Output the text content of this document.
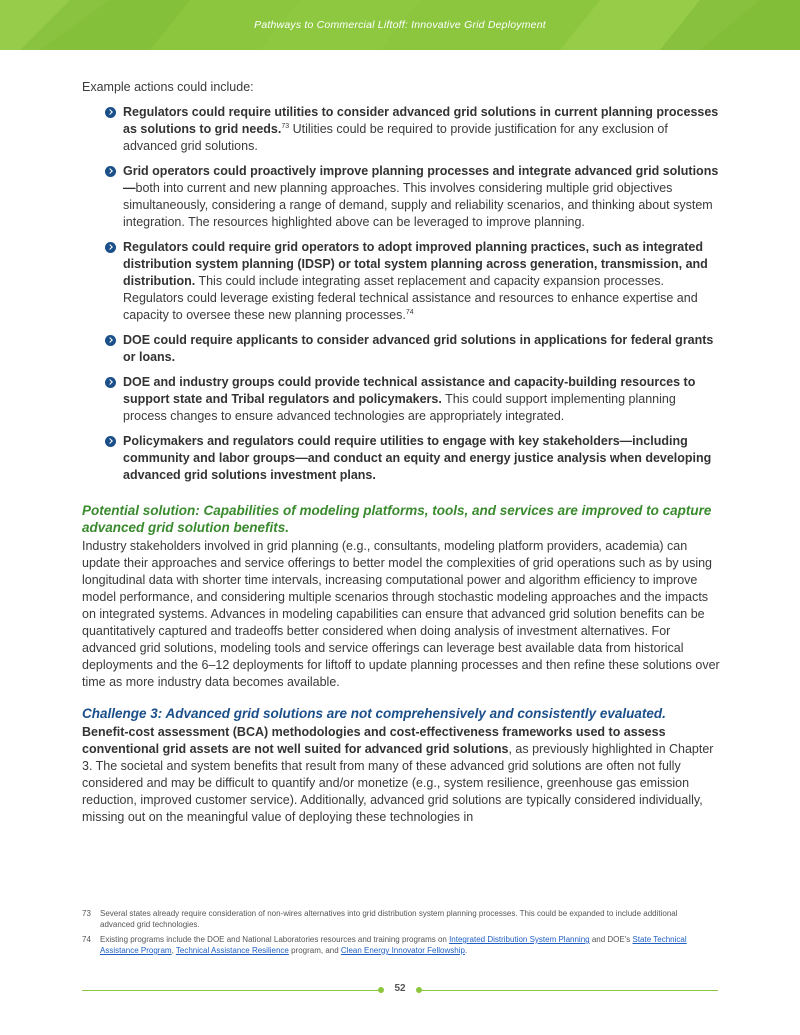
Pathways to Commercial Liftoff: Innovative Grid Deployment

Example actions could include:

Regulators could require utilities to consider advanced grid solutions in current planning processes as solutions to grid needs.$^{73}$ Utilities could be required to provide justification for any exclusion of advanced grid solutions.
Grid operators could proactively improve planning processes and integrate advanced grid solutions—both into current and new planning approaches. This involves considering multiple grid objectives simultaneously, considering a range of demand, supply and reliability scenarios, and thinking about system integration. The resources highlighted above can be leveraged to improve planning.
Regulators could require grid operators to adopt improved planning practices, such as integrated distribution system planning (IDSP) or total system planning across generation, transmission, and distribution. This could include integrating asset replacement and capacity expansion processes. Regulators could leverage existing federal technical assistance and resources to enhance expertise and capacity to oversee these new planning processes.$^{74}$
DOE could require applicants to consider advanced grid solutions in applications for federal grants or loans.
DOE and industry groups could provide technical assistance and capacity-building resources to support state and Tribal regulators and policymakers. This could support implementing planning process changes to ensure advanced technologies are appropriately integrated.
Policymakers and regulators could require utilities to engage with key stakeholders—including community and labor groups—and conduct an equity and energy justice analysis when developing advanced grid solutions investment plans.
Potential solution: Capabilities of modeling platforms, tools, and services are improved to capture advanced grid solution benefits.

Industry stakeholders involved in grid planning (e.g., consultants, modeling platform providers, academia) can update their approaches and service offerings to better model the complexities of grid operations such as by using longitudinal data with shorter time intervals, increasing computational power and algorithm efficiency to improve model performance, and considering multiple scenarios through stochastic modeling approaches and the impacts on integrated systems. Advances in modeling capabilities can ensure that advanced grid solution benefits can be quantitatively captured and tradeoffs better considered when doing analysis of investment alternatives. For advanced grid solutions, modeling tools and service offerings can leverage best available data from historical deployments and the 6–12 deployments for liftoff to update planning processes and then refine these solutions over time as more industry data becomes available.

Challenge 3: Advanced grid solutions are not comprehensively and consistently evaluated.

Benefit-cost assessment (BCA) methodologies and cost-effectiveness frameworks used to assess conventional grid assets are not well suited for advanced grid solutions, as previously highlighted in Chapter 3. The societal and system benefits that result from many of these advanced grid solutions are often not fully considered and may be difficult to quantify and/or monetize (e.g., system resilience, greenhouse gas emission reduction, improved customer service). Additionally, advanced grid solutions are typically considered individually, missing out on the meaningful value of deploying these technologies in

73 Several states already require consideration of non-wires alternatives into grid distribution system planning processes. This could be expanded to include additional advanced grid technologies.
74 Existing programs include the DOE and National Laboratories resources and training programs on Integrated Distribution System Planning and DOE's State Technical Assistance Program, Technical Assistance Resilience program, and Clean Energy Innovator Fellowship.
52
